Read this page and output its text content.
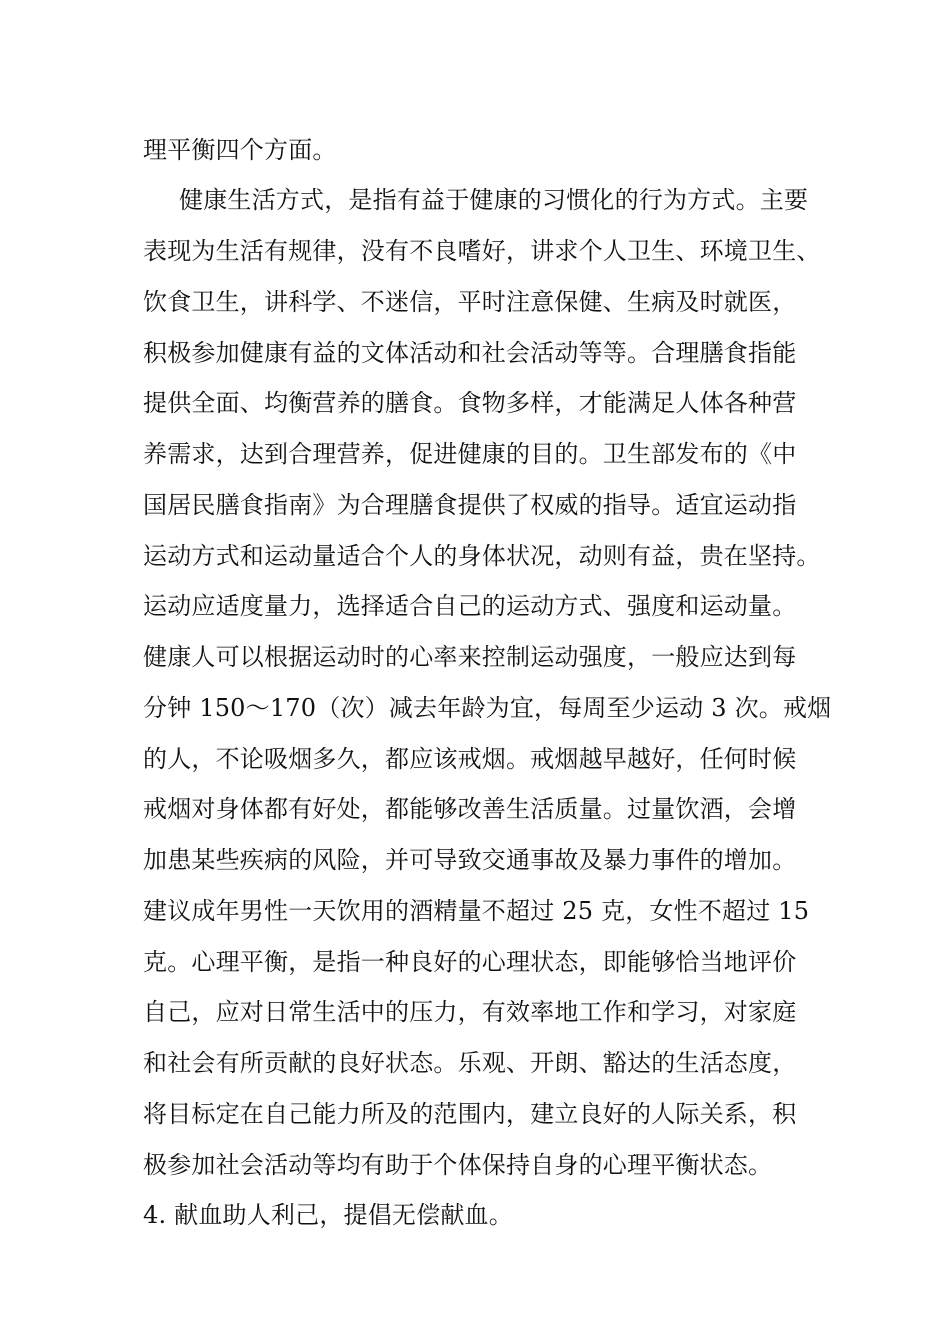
理平衡四个方面。
健康生活方式，是指有益于健康的习惯化的行为方式。主要
表现为生活有规律，没有不良嗜好，讲求个人卫生、环境卫生、
饮食卫生，讲科学、不迷信，平时注意保健、生病及时就医，
积极参加健康有益的文体活动和社会活动等等。合理膳食指能
提供全面、均衡营养的膳食。食物多样，才能满足人体各种营
养需求，达到合理营养，促进健康的目的。卫生部发布的《中
国居民膳食指南》为合理膳食提供了权威的指导。适宜运动指
运动方式和运动量适合个人的身体状况，动则有益，贵在坚持。
运动应适度量力，选择适合自己的运动方式、强度和运动量。
健康人可以根据运动时的心率来控制运动强度，一般应达到每
分钟 150～170（次）减去年龄为宜，每周至少运动 3 次。戒烟
的人，不论吸烟多久，都应该戒烟。戒烟越早越好，任何时候
戒烟对身体都有好处，都能够改善生活质量。过量饮酒，会增
加患某些疾病的风险，并可导致交通事故及暴力事件的增加。
建议成年男性一天饮用的酒精量不超过 25 克，女性不超过 15
克。心理平衡，是指一种良好的心理状态，即能够恰当地评价
自己，应对日常生活中的压力，有效率地工作和学习，对家庭
和社会有所贡献的良好状态。乐观、开朗、豁达的生活态度，
将目标定在自己能力所及的范围内，建立良好的人际关系，积
极参加社会活动等均有助于个体保持自身的心理平衡状态。
4. 献血助人利己，提倡无偿献血。
